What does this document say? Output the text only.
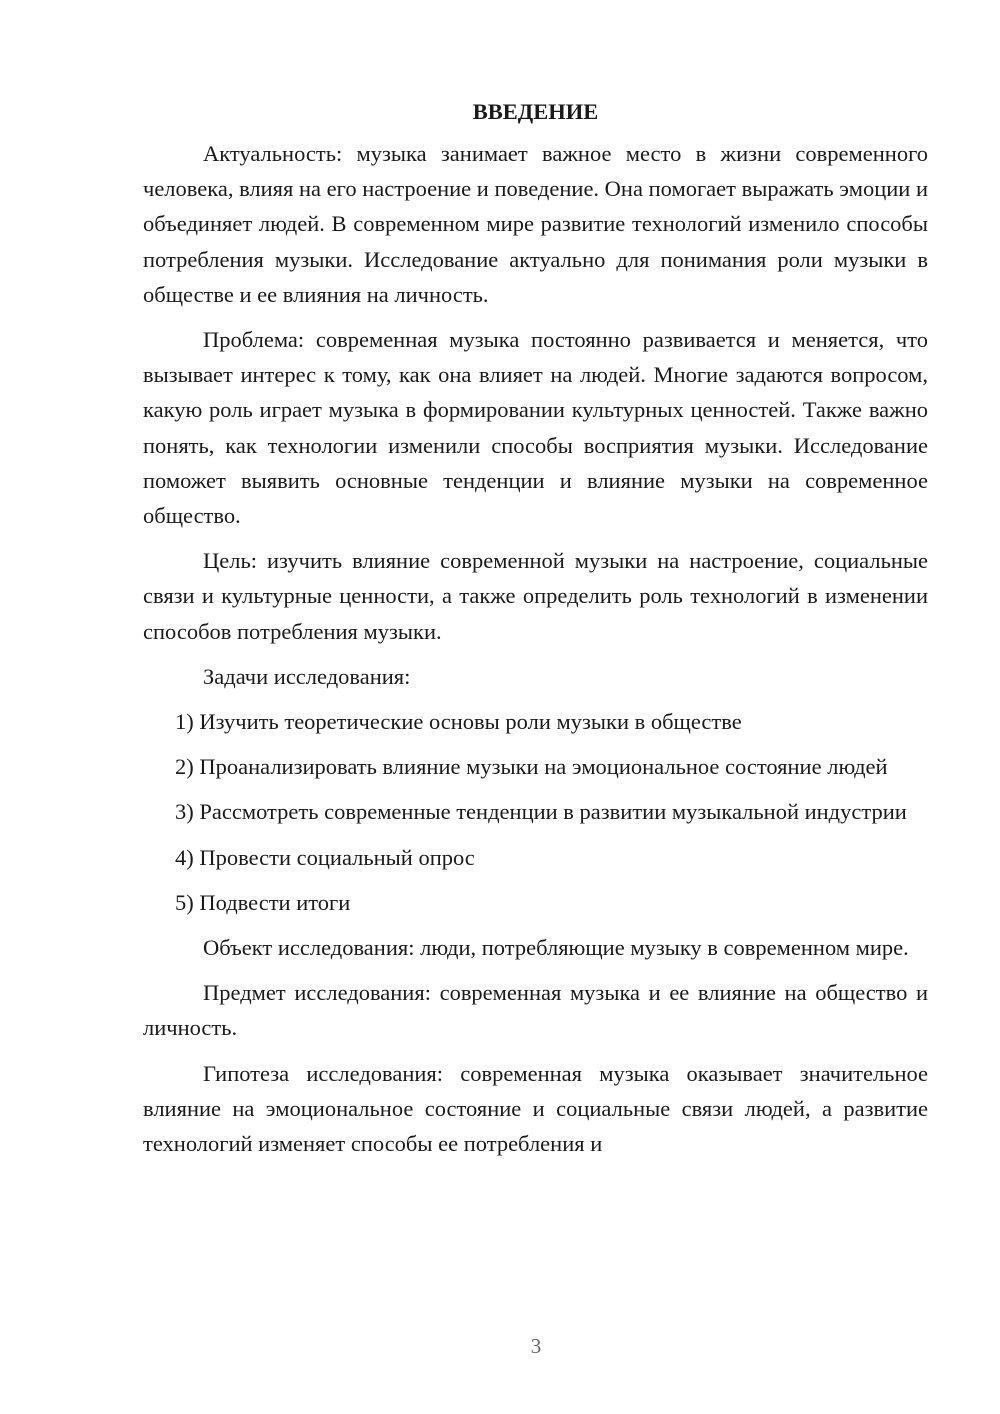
ВВЕДЕНИЕ

Актуальность: музыка занимает важное место в жизни современного человека, влияя на его настроение и поведение. Она помогает выражать эмоции и объединяет людей. В современном мире развитие технологий изменило способы потребления музыки. Исследование актуально для понимания роли музыки в обществе и ее влияния на личность.

Проблема: современная музыка постоянно развивается и меняется, что вызывает интерес к тому, как она влияет на людей. Многие задаются вопросом, какую роль играет музыка в формировании культурных ценностей. Также важно понять, как технологии изменили способы восприятия музыки. Исследование поможет выявить основные тенденции и влияние музыки на современное общество.

Цель: изучить влияние современной музыки на настроение, социальные связи и культурные ценности, а также определить роль технологий в изменении способов потребления музыки.

Задачи исследования:

1) Изучить теоретические основы роли музыки в обществе

2) Проанализировать влияние музыки на эмоциональное состояние людей

3) Рассмотреть современные тенденции в развитии музыкальной индустрии

4) Провести социальный опрос

5) Подвести итоги

Объект исследования: люди, потребляющие музыку в современном мире.

Предмет исследования: современная музыка и ее влияние на общество и личность.

Гипотеза исследования: современная музыка оказывает значительное влияние на эмоциональное состояние и социальные связи людей, а развитие технологий изменяет способы ее потребления и

3
